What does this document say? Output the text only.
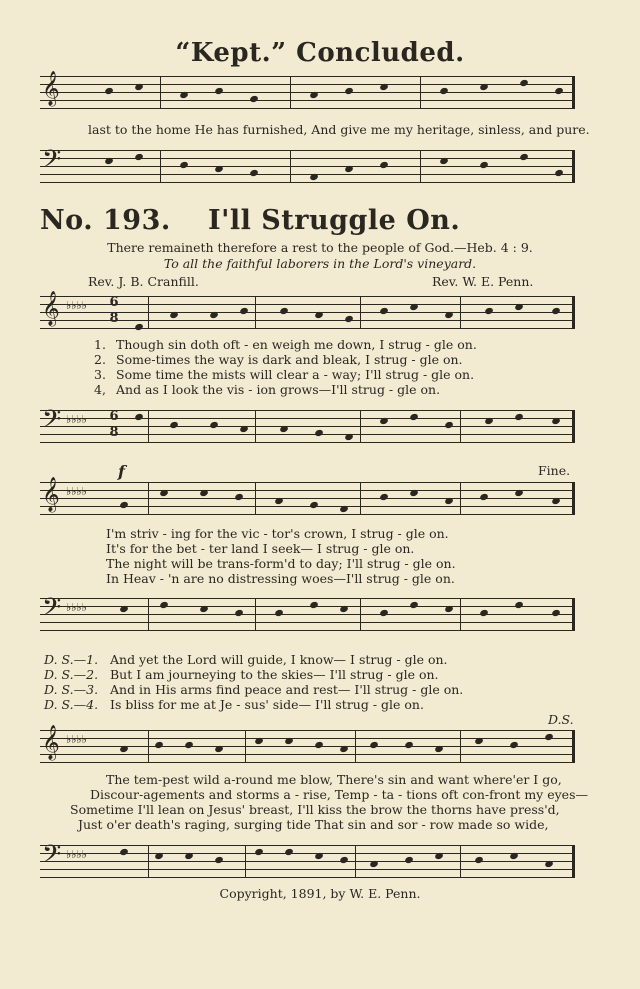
“Kept.” Concluded.
𝄞
last to the home He has furnished, And give me my heritage, sinless, and pure.
𝄢
No. 193. I'll Struggle On.
There remaineth therefore a rest to the people of God.—Heb. 4 : 9.
To all the faithful laborers in the Lord's vineyard.
Rev. J. B. Cranfill.	Rev. W. E. Penn.
𝄞 ♭♭♭♭ 6
8
1. Though sin doth oft - en weigh me down, I strug - gle on.
2. Some-times the way is dark and bleak, I strug - gle on.
3. Some time the mists will clear a - way; I'll strug - gle on.
4, And as I look the vis - ion grows—I'll strug - gle on.
𝄢 ♭♭♭♭ 6
8
f	Fine.
𝄞 ♭♭♭♭
I'm striv - ing for the vic - tor's crown, I strug - gle on.
It's for the bet - ter land I seek— I strug - gle on.
The night will be trans-form'd to day; I'll strug - gle on.
In Heav - 'n are no distressing woes—I'll strug - gle on.
𝄢 ♭♭♭♭
D. S.—1. And yet the Lord will guide, I know— I strug - gle on.
D. S.—2. But I am journeying to the skies— I'll strug - gle on.
D. S.—3. And in His arms find peace and rest— I'll strug - gle on.
D. S.—4. Is bliss for me at Je - sus' side— I'll strug - gle on.
D.S.
𝄞 ♭♭♭♭
The tem-pest wild a-round me blow, There's sin and want where'er I go,
Discour-agements and storms a - rise, Temp - ta - tions oft con-front my eyes—
Sometime I'll lean on Jesus' breast, I'll kiss the brow the thorns have press'd,
Just o'er death's raging, surging tide That sin and sor - row made so wide,
𝄢 ♭♭♭♭
Copyright, 1891, by W. E. Penn.
